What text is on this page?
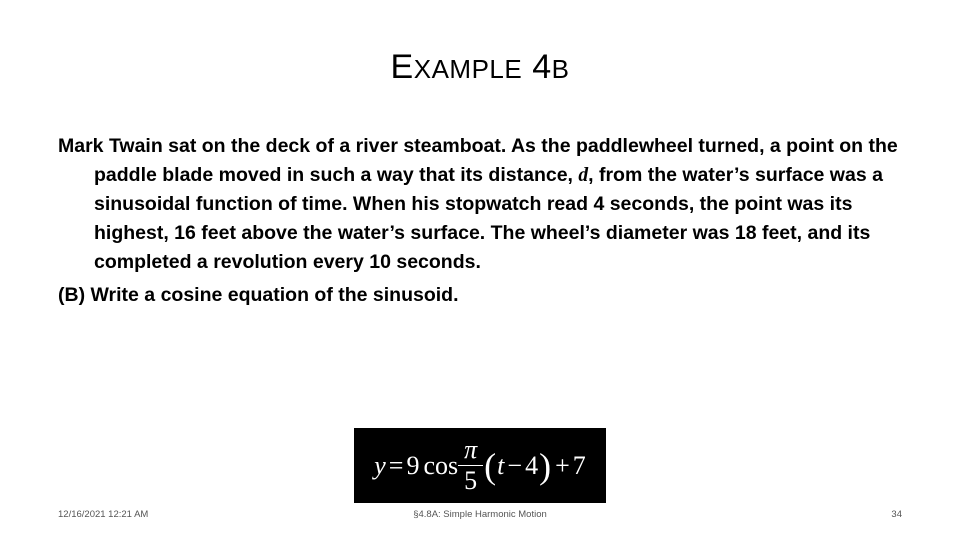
EXAMPLE 4B

Mark Twain sat on the deck of a river steamboat. As the paddlewheel turned, a point on the paddle blade moved in such a way that its distance, d, from the water’s surface was a sinusoidal function of time. When his stopwatch read 4 seconds, the point was its highest, 16 feet above the water’s surface. The wheel’s diameter was 18 feet, and its completed a revolution every 10 seconds.

(B) Write a cosine equation of the sinusoid.

y = 9 $\cos \frac{\pi}{5}$ ( t − 4 ) + 7
12/16/2021 12:21 AM	§4.8A: Simple Harmonic Motion	34
